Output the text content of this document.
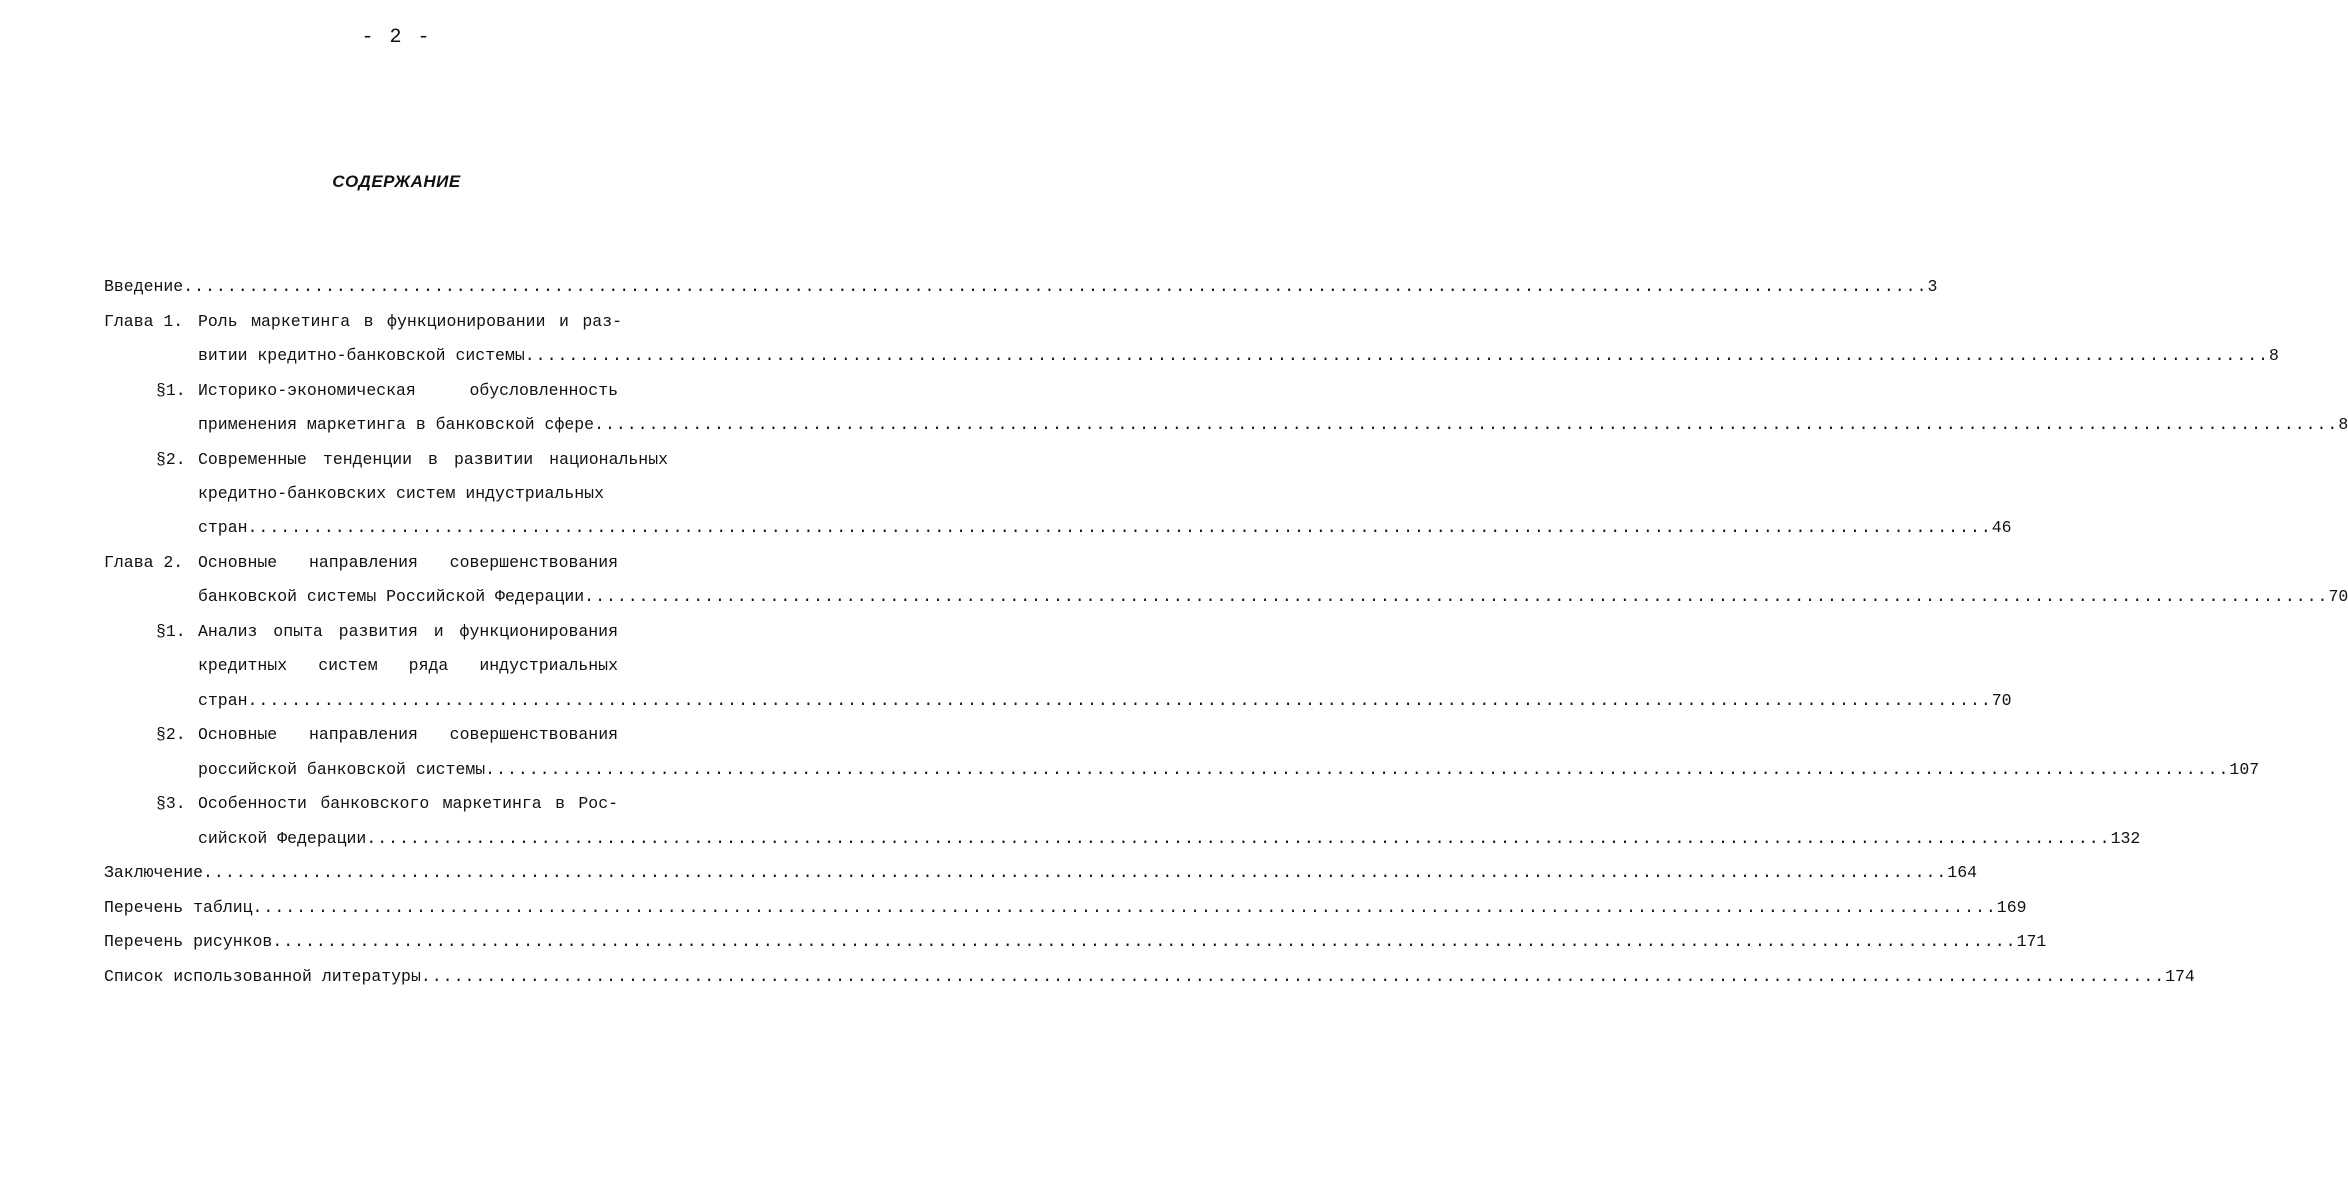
- 2 -
СОДЕРЖАНИЕ
Введение ................................................................................................................................................................ 3
Глава 1. Роль маркетинга в функционировании и раз-
витии кредитно-банковской системы ................................................................................................................................................................ 8
§1. Историко-экономическая обусловленность
применения маркетинга в банковской сфере ................................................................................................................................................................ 8
§2. Современные тенденции в развитии национальных
кредитно-банковских систем индустриальных
стран ................................................................................................................................................................ 46
Глава 2. Основные направления совершенствования
банковской системы Российской Федерации ................................................................................................................................................................ 70
§1. Анализ опыта развития и функционирования
кредитных систем ряда индустриальных
стран ................................................................................................................................................................ 70
§2. Основные направления совершенствования
российской банковской системы ................................................................................................................................................................ 107
§3. Особенности банковского маркетинга в Рос-
сийской Федерации ................................................................................................................................................................ 132
Заключение ................................................................................................................................................................ 164
Перечень таблиц ................................................................................................................................................................ 169
Перечень рисунков ................................................................................................................................................................ 171
Список использованной литературы ................................................................................................................................................................ 174
